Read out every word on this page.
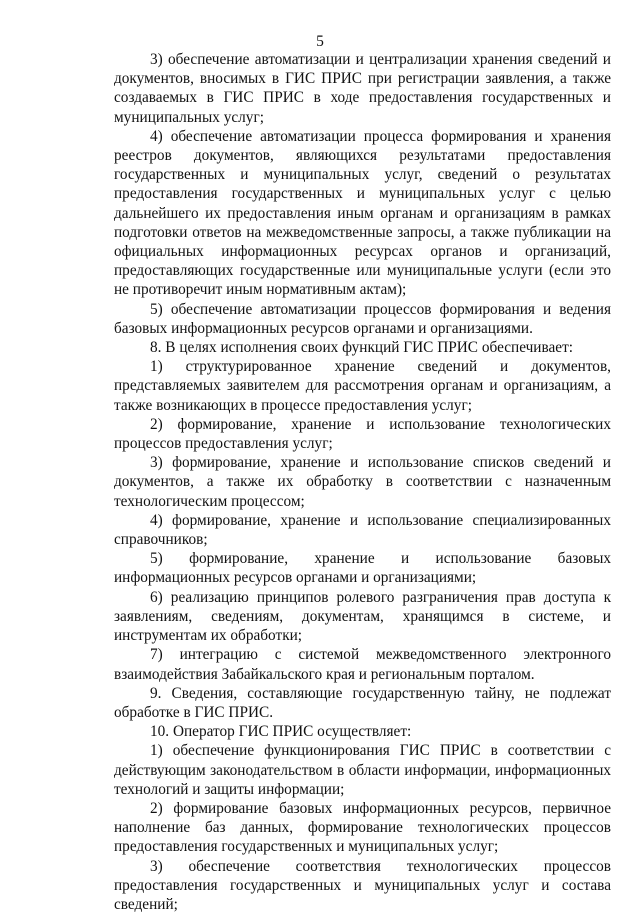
5

3) обеспечение автоматизации и централизации хранения сведений и документов, вносимых в ГИС ПРИС при регистрации заявления, а также создаваемых в ГИС ПРИС в ходе предоставления государственных и муниципальных услуг;

4) обеспечение автоматизации процесса формирования и хранения реестров документов, являющихся результатами предоставления государственных и муниципальных услуг, сведений о результатах предоставления государственных и муниципальных услуг с целью дальнейшего их предоставления иным органам и организациям в рамках подготовки ответов на межведомственные запросы, а также публикации на официальных информационных ресурсах органов и организаций, предоставляющих государственные или муниципальные услуги (если это не противоречит иным нормативным актам);

5) обеспечение автоматизации процессов формирования и ведения базовых информационных ресурсов органами и организациями.

8. В целях исполнения своих функций ГИС ПРИС обеспечивает:

1) структурированное хранение сведений и документов, представляемых заявителем для рассмотрения органам и организациям, а также возникающих в процессе предоставления услуг;

2) формирование, хранение и использование технологических процессов предоставления услуг;

3) формирование, хранение и использование списков сведений и документов, а также их обработку в соответствии с назначенным технологическим процессом;

4) формирование, хранение и использование специализированных справочников;

5) формирование, хранение и использование базовых информационных ресурсов органами и организациями;

6) реализацию принципов ролевого разграничения прав доступа к заявлениям, сведениям, документам, хранящимся в системе, и инструментам их обработки;

7) интеграцию с системой межведомственного электронного взаимодействия Забайкальского края и региональным порталом.

9. Сведения, составляющие государственную тайну, не подлежат обработке в ГИС ПРИС.

10. Оператор ГИС ПРИС осуществляет:

1) обеспечение функционирования ГИС ПРИС в соответствии с действующим законодательством в области информации, информационных технологий и защиты информации;

2) формирование базовых информационных ресурсов, первичное наполнение баз данных, формирование технологических процессов предоставления государственных и муниципальных услуг;

3) обеспечение соответствия технологических процессов предоставления государственных и муниципальных услуг и состава сведений;
